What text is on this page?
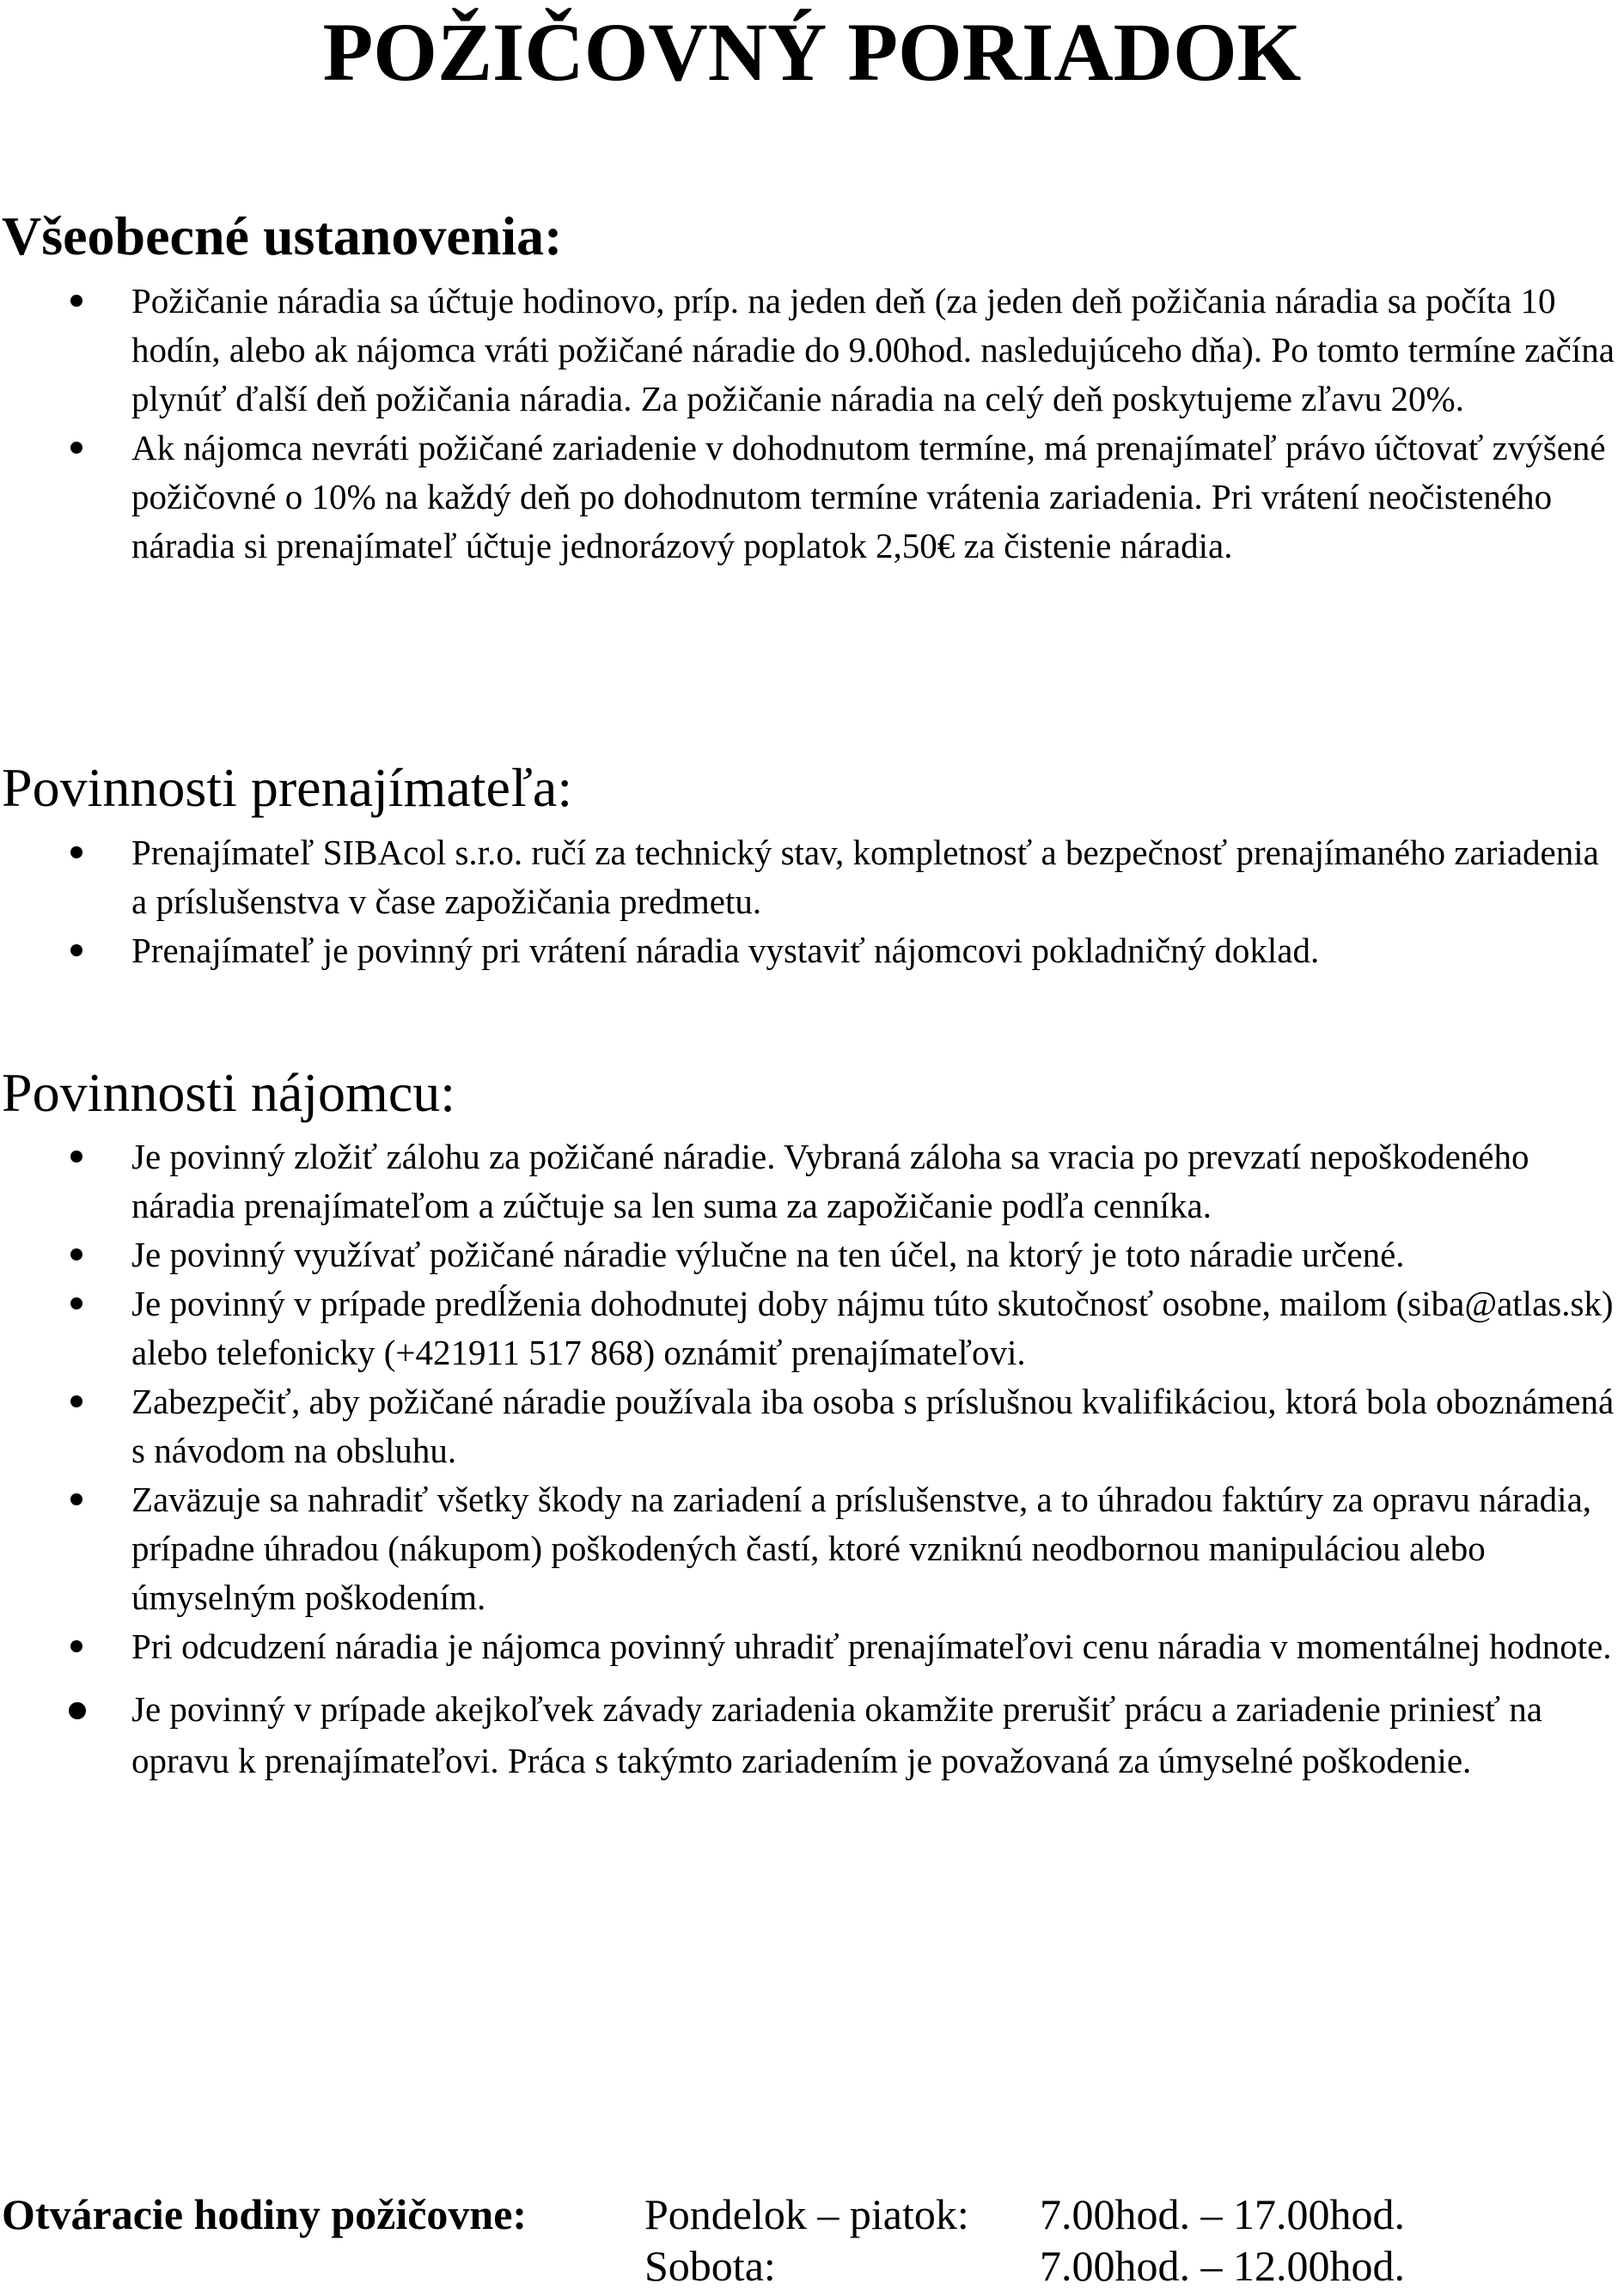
POŽIČOVNÝ PORIADOK
Všeobecné ustanovenia:
Požičanie náradia sa účtuje hodinovo, príp. na jeden deň (za jeden deň požičania náradia sa počíta 10 hodín, alebo ak nájomca vráti požičané náradie do 9.00hod. nasledujúceho dňa). Po tomto termíne začína plynúť ďalší deň požičania náradia. Za požičanie náradia na celý deň poskytujeme zľavu 20%.
Ak nájomca nevráti požičané zariadenie v dohodnutom termíne, má prenajímateľ právo účtovať zvýšené požičovné o 10% na každý deň po dohodnutom termíne vrátenia zariadenia. Pri vrátení neočisteného náradia si prenajímateľ účtuje jednorázový poplatok 2,50€ za čistenie náradia.
Povinnosti prenajímateľa:
Prenajímateľ SIBAcol s.r.o. ručí za technický stav, kompletnosť a bezpečnosť prenajímaného zariadenia a príslušenstva v čase zapožičania predmetu.
Prenajímateľ je povinný pri vrátení náradia vystaviť nájomcovi pokladničný doklad.
Povinnosti nájomcu:
Je povinný zložiť zálohu za požičané náradie. Vybraná záloha sa vracia po prevzatí nepoškodeného náradia prenajímateľom a zúčtuje sa len suma za zapožičanie podľa cenníka.
Je povinný využívať požičané náradie výlučne na ten účel, na ktorý je toto náradie určené.
Je povinný v prípade predĺženia dohodnutej doby nájmu túto skutočnosť osobne, mailom (siba@atlas.sk) alebo telefonicky (+421911 517 868) oznámiť prenajímateľovi.
Zabezpečiť, aby požičané náradie používala iba osoba s príslušnou kvalifikáciou, ktorá bola oboznámená s návodom na obsluhu.
Zaväzuje sa nahradiť všetky škody na zariadení a príslušenstve, a to úhradou faktúry za opravu náradia, prípadne úhradou (nákupom) poškodených častí, ktoré vzniknú neodbornou manipuláciou alebo úmyselným poškodením.
Pri odcudzení náradia je nájomca povinný uhradiť prenajímateľovi cenu náradia v momentálnej hodnote.
Je povinný v prípade akejkoľvek závady zariadenia okamžite prerušiť prácu a zariadenie priniesť na opravu k prenajímateľovi. Práca s takýmto zariadením je považovaná za úmyselné poškodenie.
Otváracie hodiny požičovne:	Pondelok – piatok: 7.00hod. – 17.00hod.
Sobota:	7.00hod. – 12.00hod.
